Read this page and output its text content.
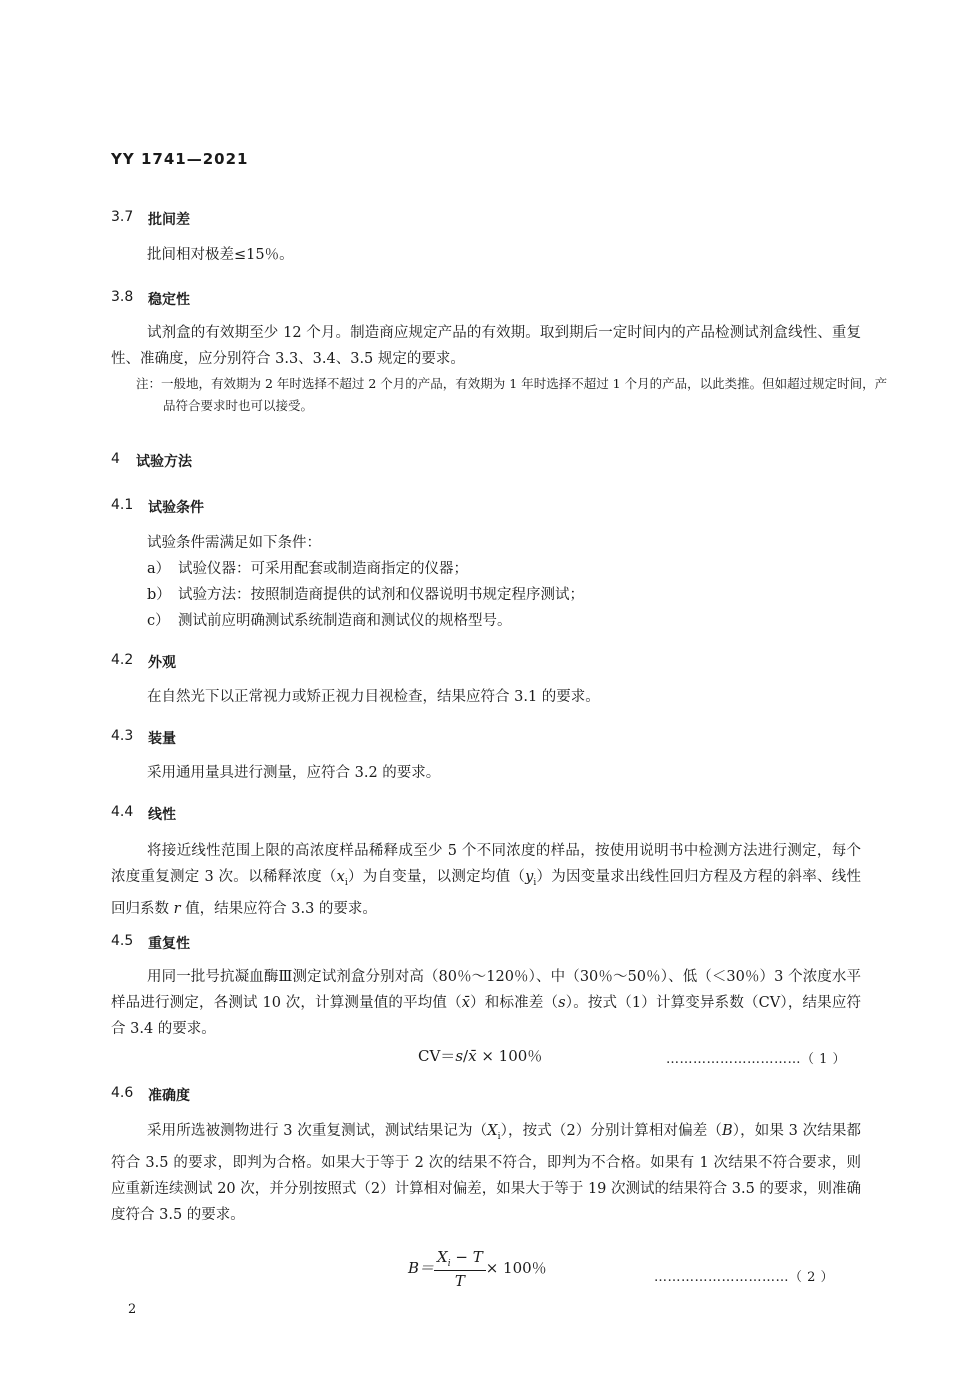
YY 1741—2021
3.7 批间差
批间相对极差≤15％。
3.8 稳定性
试剂盒的有效期至少 12 个月。制造商应规定产品的有效期。取到期后一定时间内的产品检测试剂盒线性、重复性、准确度，应分别符合 3.3、3.4、3.5 规定的要求。
注：一般地，有效期为 2 年时选择不超过 2 个月的产品，有效期为 1 年时选择不超过 1 个月的产品，以此类推。但如超过规定时间，产品符合要求时也可以接受。
4 试验方法
4.1 试验条件
试验条件需满足如下条件：
a） 试验仪器：可采用配套或制造商指定的仪器；
b） 试验方法：按照制造商提供的试剂和仪器说明书规定程序测试；
c） 测试前应明确测试系统制造商和测试仪的规格型号。
4.2 外观
在自然光下以正常视力或矫正视力目视检查，结果应符合 3.1 的要求。
4.3 装量
采用通用量具进行测量，应符合 3.2 的要求。
4.4 线性
将接近线性范围上限的高浓度样品稀释成至少 5 个不同浓度的样品，按使用说明书中检测方法进行测定，每个浓度重复测定 3 次。以稀释浓度$(x_i)$为自变量，以测定均值$(y_i)$为因变量求出线性回归方程及方程的斜率、线性回归系数 r 值，结果应符合 3.3 的要求。
4.5 重复性
用同一批号抗凝血酶Ⅲ测定试剂盒分别对高（80％～120％）、中（30％～50％）、低（＜30％）3 个浓度水平样品进行测定，各测试 10 次，计算测量值的平均值（x̄）和标准差（s）。按式（1）计算变异系数（CV），结果应符合 3.4 的要求。
CV＝s/x̄ × 100％	…………………………（ 1 ）
4.6 准确度
采用所选被测物进行 3 次重复测试，测试结果记为$(X_i)$，按式（2）分别计算相对偏差（B），如果 3 次结果都符合 3.5 的要求，即判为合格。如果大于等于 2 次的结果不符合，即判为不合格。如果有 1 次结果不符合要求，则应重新连续测试 20 次，并分别按照式（2）计算相对偏差，如果大于等于 19 次测试的结果符合 3.5 的要求，则准确度符合 3.5 的要求。
$B= \frac{X_i - T}{T} \times 100$％
…………………………（ 2 ）
2
